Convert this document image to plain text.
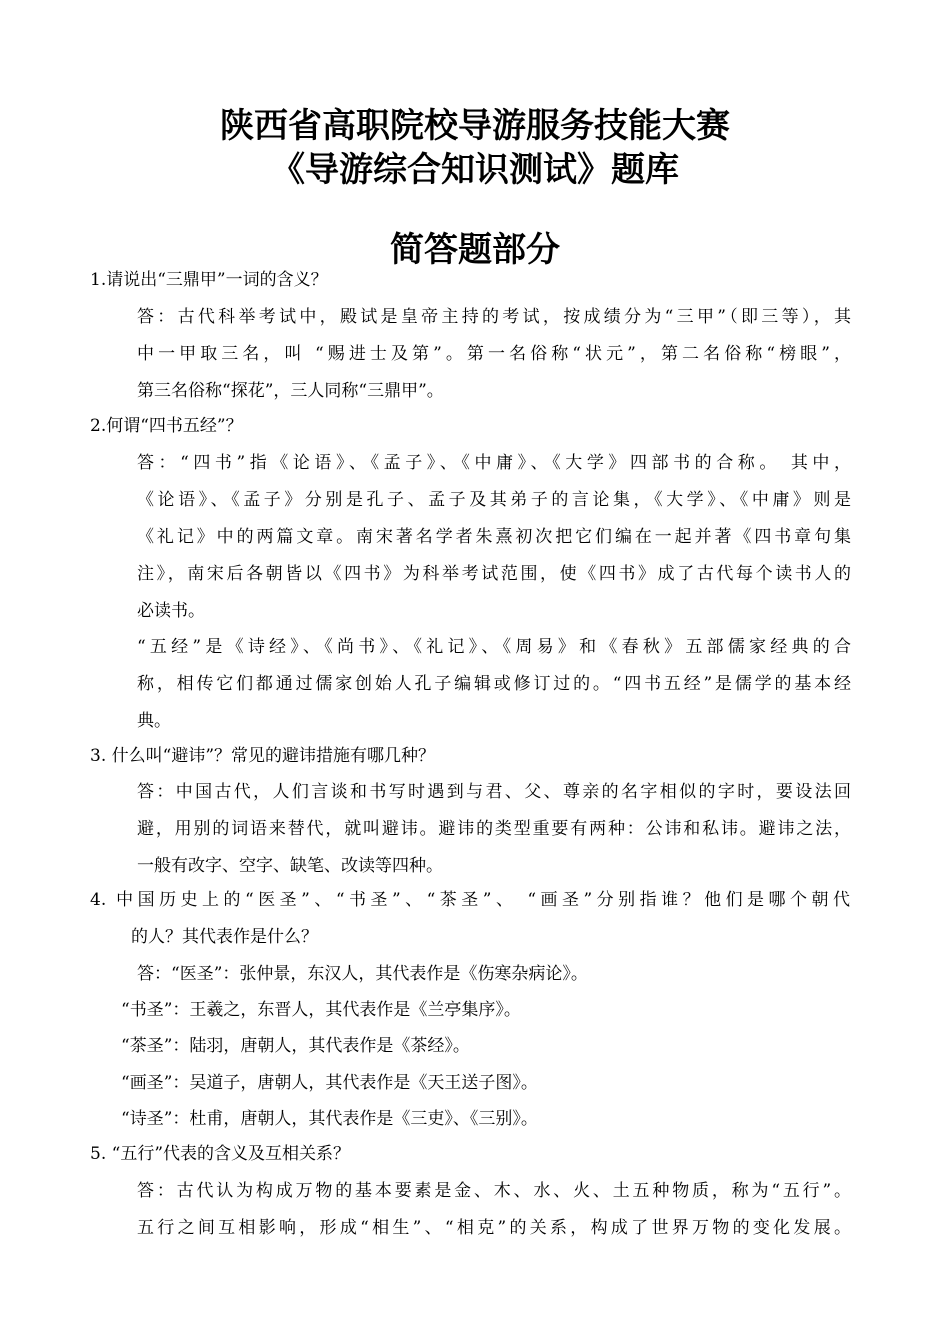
陕西省高职院校导游服务技能大赛
《导游综合知识测试》题库
简答题部分
1.请说出“三鼎甲”一词的含义？
答：古代科举考试中，殿试是皇帝主持的考试，按成绩分为“三甲”（即三等），其
中一甲取三名，叫 “赐进士及第”。第一名俗称“状元”，第二名俗称“榜眼”，
第三名俗称“探花”，三人同称“三鼎甲”。
2.何谓“四书五经”？
答：“四书”指《论语》、《孟子》、《中庸》、《大学》四部书的合称。 其中，
《论语》、《孟子》分别是孔子、孟子及其弟子的言论集，《大学》、《中庸》则是
《礼记》中的两篇文章。南宋著名学者朱熹初次把它们编在一起并著《四书章句集
注》，南宋后各朝皆以《四书》为科举考试范围，使《四书》成了古代每个读书人的
必读书。
“五经”是《诗经》、《尚书》、《礼记》、《周易》和《春秋》五部儒家经典的合
称，相传它们都通过儒家创始人孔子编辑或修订过的。“四书五经”是儒学的基本经
典。
3. 什么叫“避讳”？常见的避讳措施有哪几种？
答：中国古代，人们言谈和书写时遇到与君、父、尊亲的名字相似的字时，要设法回
避，用别的词语来替代，就叫避讳。避讳的类型重要有两种：公讳和私讳。避讳之法，
一般有改字、空字、缺笔、改读等四种。
4. 中国历史上的“医圣”、“书圣”、“茶圣”、 “画圣”分别指谁？他们是哪个朝代
的人？其代表作是什么？
答：“医圣”：张仲景，东汉人，其代表作是《伤寒杂病论》。
“书圣”：王羲之，东晋人，其代表作是《兰亭集序》。
“茶圣”：陆羽，唐朝人，其代表作是《茶经》。
“画圣”：吴道子，唐朝人，其代表作是《天王送子图》。
“诗圣”：杜甫，唐朝人，其代表作是《三吏》、《三别》。
5. “五行”代表的含义及互相关系？
答：古代认为构成万物的基本要素是金、木、水、火、土五种物质，称为“五行”。
五行之间互相影响，形成“相生”、“相克”的关系，构成了世界万物的变化发展。
